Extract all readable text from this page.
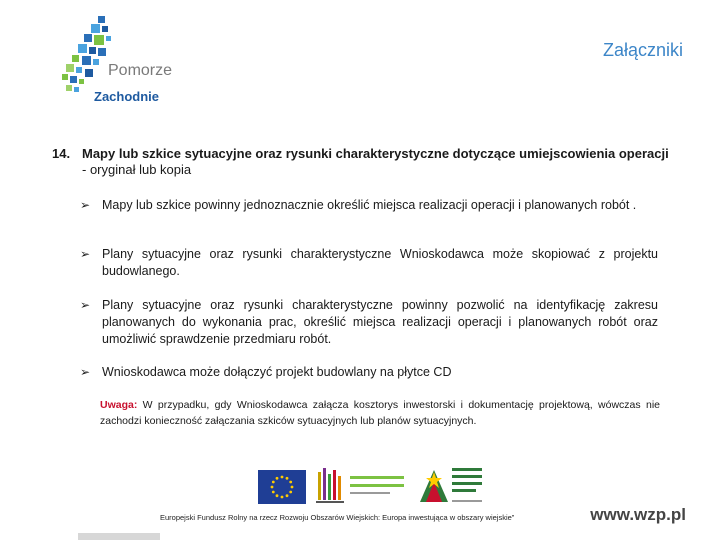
Pomorze
Zachodnie
Załączniki
14. Mapy lub szkice sytuacyjne oraz rysunki charakterystyczne dotyczące umiejscowienia operacji - oryginał lub kopia
➢ Mapy lub szkice powinny jednoznacznie określić miejsca realizacji operacji i planowanych robót .
➢ Plany sytuacyjne oraz rysunki charakterystyczne Wnioskodawca może skopiować z projektu budowlanego.
➢ Plany sytuacyjne oraz rysunki charakterystyczne powinny pozwolić na identyfikację zakresu planowanych do wykonania prac, określić miejsca realizacji operacji i planowanych robót oraz umożliwić sprawdzenie przedmiaru robót.
➢ Wnioskodawca może dołączyć projekt budowlany na płytce CD
Uwaga: W przypadku, gdy Wnioskodawca załącza kosztorys inwestorski i dokumentację projektową, wówczas nie zachodzi konieczność załączania szkiców sytuacyjnych lub planów sytuacyjnych.
Europejski Fundusz Rolny na rzecz Rozwoju Obszarów Wiejskich: Europa inwestująca w obszary wiejskie”	www.wzp.pl
